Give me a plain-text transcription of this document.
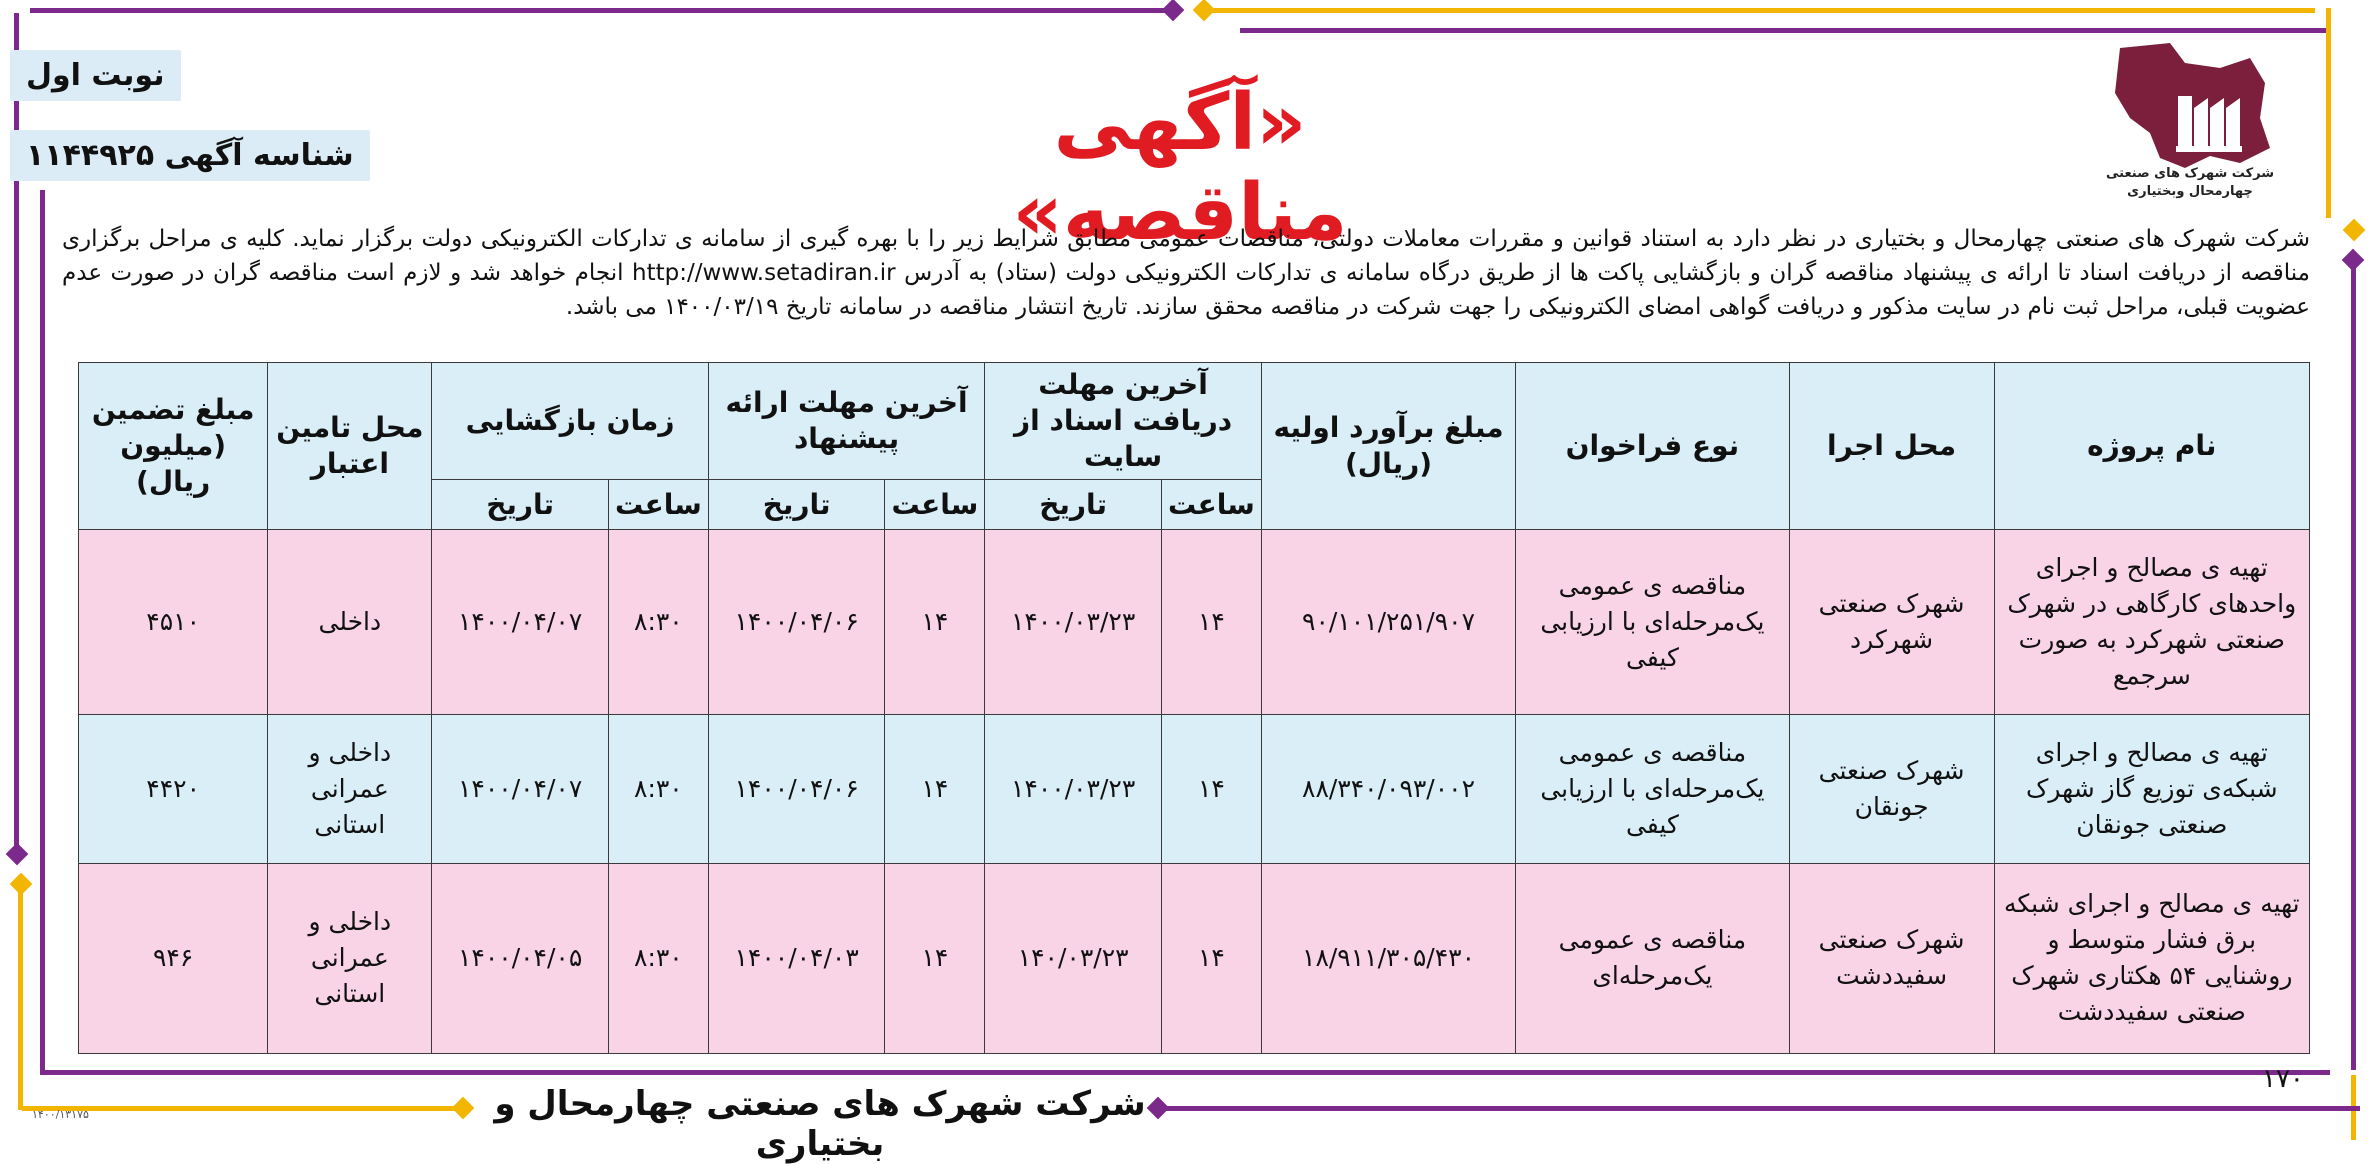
نوبت اول
شناسه آگهی ۱۱۴۴۹۲۵	«آگهی مناقصه»	شرکت شهرک های صنعتی
چهارمحال وبختیاری
شرکت شهرک های صنعتی چهارمحال و بختیاری در نظر دارد به استناد قوانین و مقررات معاملات دولتی، مناقصات عمومی مطابق شرایط زیر را با بهره گیری از سامانه ی تدارکات الکترونیکی دولت برگزار نماید. کلیه ی مراحل برگزاری مناقصه از دریافت اسناد تا ارائه ی پیشنهاد مناقصه گران و بازگشایی پاکت ها از طریق درگاه سامانه ی تدارکات الکترونیکی دولت (ستاد) به آدرس http://www.setadiran.ir انجام خواهد شد و لازم است مناقصه گران در صورت عدم عضویت قبلی، مراحل ثبت نام در سایت مذکور و دریافت گواهی امضای الکترونیکی را جهت شرکت در مناقصه محقق سازند. تاریخ انتشار مناقصه در سامانه تاریخ ۱۴۰۰/۰۳/۱۹ می باشد.
نام پروژه	محل اجرا	نوع فراخوان	مبلغ برآورد اولیه (ریال)	آخرین مهلت دریافت اسناد از سایت		آخرین مهلت ارائه پیشنهاد		زمان بازگشایی		محل تامین اعتبار	مبلغ تضمین (میلیون ریال)
				ساعت	تاریخ	ساعت	تاریخ	ساعت	تاریخ		
تهیه ی مصالح و اجرای واحدهای کارگاهی در شهرک صنعتی شهرکرد به صورت سرجمع	شهرک صنعتی شهرکرد	مناقصه ی عمومی یک‌مرحله‌ای با ارزیابی کیفی	۹۰/۱۰۱/۲۵۱/۹۰۷	۱۴	۱۴۰۰/۰۳/۲۳	۱۴	۱۴۰۰/۰۴/۰۶	۸:۳۰	۱۴۰۰/۰۴/۰۷	داخلی	۴۵۱۰
تهیه ی مصالح و اجرای شبکه‌ی توزیع گاز شهرک صنعتی جونقان	شهرک صنعتی جونقان	مناقصه ی عمومی یک‌مرحله‌ای با ارزیابی کیفی	۸۸/۳۴۰/۰۹۳/۰۰۲	۱۴	۱۴۰۰/۰۳/۲۳	۱۴	۱۴۰۰/۰۴/۰۶	۸:۳۰	۱۴۰۰/۰۴/۰۷	داخلی و عمرانی استانی	۴۴۲۰
تهیه ی مصالح و اجرای شبکه برق فشار متوسط و روشنایی ۵۴ هکتاری شهرک صنعتی سفیددشت	شهرک صنعتی سفیددشت	مناقصه ی عمومی یک‌مرحله‌ای	۱۸/۹۱۱/۳۰۵/۴۳۰	۱۴	۱۴۰/۰۳/۲۳	۱۴	۱۴۰۰/۰۴/۰۳	۸:۳۰	۱۴۰۰/۰۴/۰۵	داخلی و عمرانی استانی	۹۴۶
۱۷۰
شرکت شهرک های صنعتی چهارمحال و بختیاری
۱۴۰۰/۱۳۱۷۵
